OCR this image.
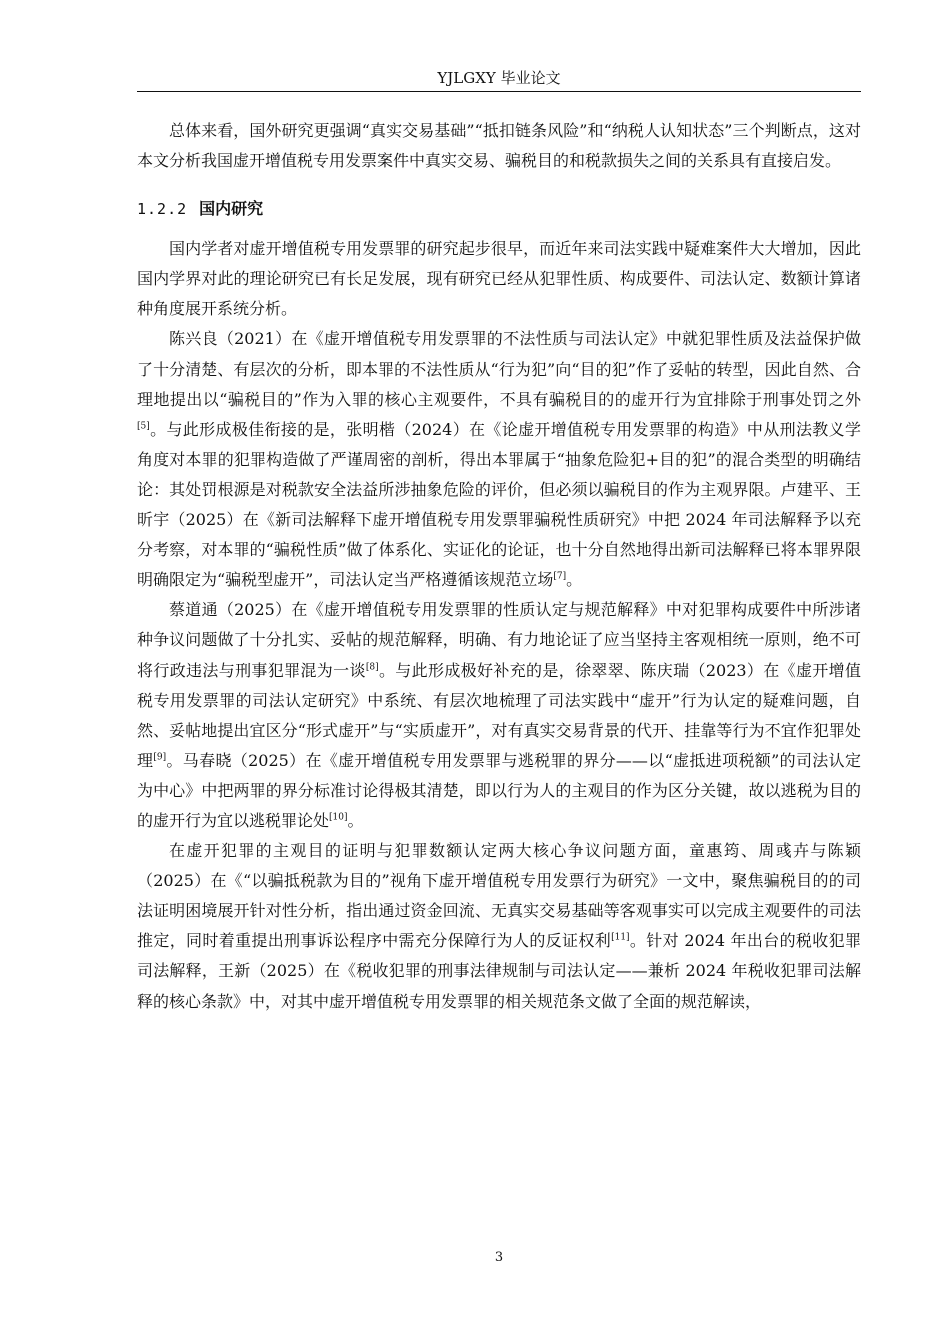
YJLGXY 毕业论文

总体来看，国外研究更强调“真实交易基础”“抵扣链条风险”和“纳税人认知状态”三个判断点，这对本文分析我国虚开增值税专用发票案件中真实交易、骗税目的和税款损失之间的关系具有直接启发。

1.2.2 国内研究

国内学者对虚开增值税专用发票罪的研究起步很早，而近年来司法实践中疑难案件大大增加，因此国内学界对此的理论研究已有长足发展，现有研究已经从犯罪性质、构成要件、司法认定、数额计算诸种角度展开系统分析。

陈兴良（2021）在《虚开增值税专用发票罪的不法性质与司法认定》中就犯罪性质及法益保护做了十分清楚、有层次的分析，即本罪的不法性质从“行为犯”向“目的犯”作了妥帖的转型，因此自然、合理地提出以“骗税目的”作为入罪的核心主观要件，不具有骗税目的的虚开行为宜排除于刑事处罚之外[5]。与此形成极佳衔接的是，张明楷（2024）在《论虚开增值税专用发票罪的构造》中从刑法教义学角度对本罪的犯罪构造做了严谨周密的剖析，得出本罪属于“抽象危险犯+目的犯”的混合类型的明确结论：其处罚根源是对税款安全法益所涉抽象危险的评价，但必须以骗税目的作为主观界限。卢建平、王昕宇（2025）在《新司法解释下虚开增值税专用发票罪骗税性质研究》中把 2024 年司法解释予以充分考察，对本罪的“骗税性质”做了体系化、实证化的论证，也十分自然地得出新司法解释已将本罪界限明确限定为“骗税型虚开”，司法认定当严格遵循该规范立场[7]。

蔡道通（2025）在《虚开增值税专用发票罪的性质认定与规范解释》中对犯罪构成要件中所涉诸种争议问题做了十分扎实、妥帖的规范解释，明确、有力地论证了应当坚持主客观相统一原则，绝不可将行政违法与刑事犯罪混为一谈[8]。与此形成极好补充的是，徐翠翠、陈庆瑞（2023）在《虚开增值税专用发票罪的司法认定研究》中系统、有层次地梳理了司法实践中“虚开”行为认定的疑难问题，自然、妥帖地提出宜区分“形式虚开”与“实质虚开”，对有真实交易背景的代开、挂靠等行为不宜作犯罪处理[9]。马春晓（2025）在《虚开增值税专用发票罪与逃税罪的界分——以“虚抵进项税额”的司法认定为中心》中把两罪的界分标准讨论得极其清楚，即以行为人的主观目的作为区分关键，故以逃税为目的的虚开行为宜以逃税罪论处[10]。

在虚开犯罪的主观目的证明与犯罪数额认定两大核心争议问题方面，童惠筠、周彧卉与陈颖（2025）在《“以骗抵税款为目的”视角下虚开增值税专用发票行为研究》一文中，聚焦骗税目的的司法证明困境展开针对性分析，指出通过资金回流、无真实交易基础等客观事实可以完成主观要件的司法推定，同时着重提出刑事诉讼程序中需充分保障行为人的反证权利[11]。针对 2024 年出台的税收犯罪司法解释，王新（2025）在《税收犯罪的刑事法律规制与司法认定——兼析 2024 年税收犯罪司法解释的核心条款》中，对其中虚开增值税专用发票罪的相关规范条文做了全面的规范解读，

3
